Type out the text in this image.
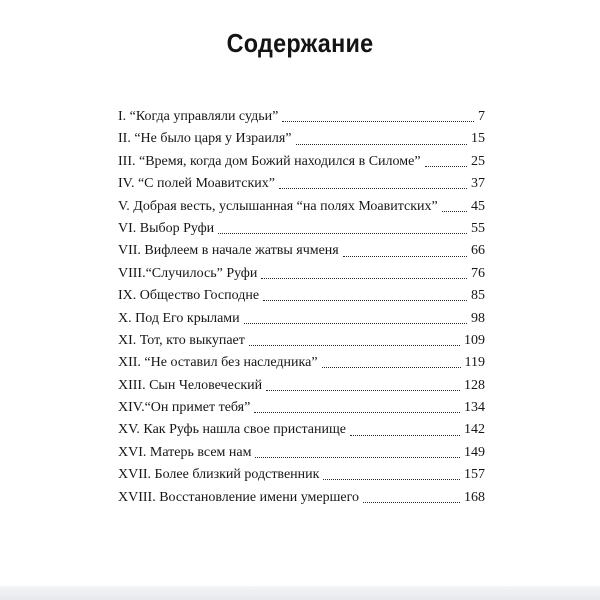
Содержание
I. “Когда управляли судьи”	7
II. “Не было царя у Израиля”	15
III. “Время, когда дом Божий находился в Силоме”	25
IV. “С полей Моавитских”	37
V. Добрая весть, услышанная “на полях Моавитских” 45
VI. Выбор Руфи	55
VII. Вифлеем в начале жатвы ячменя	66
VIII.“Случилось” Руфи	76
IX. Общество Господне	85
X. Под Его крылами	98
XI. Тот, кто выкупает	109
XII. “Не оставил без наследника”	119
XIII. Сын Человеческий	128
XIV.“Он примет тебя”	134
XV. Как Руфь нашла свое пристанище	142
XVI. Матерь всем нам	149
XVII. Более близкий родственник	157
XVIII. Восстановление имени умершего	168
